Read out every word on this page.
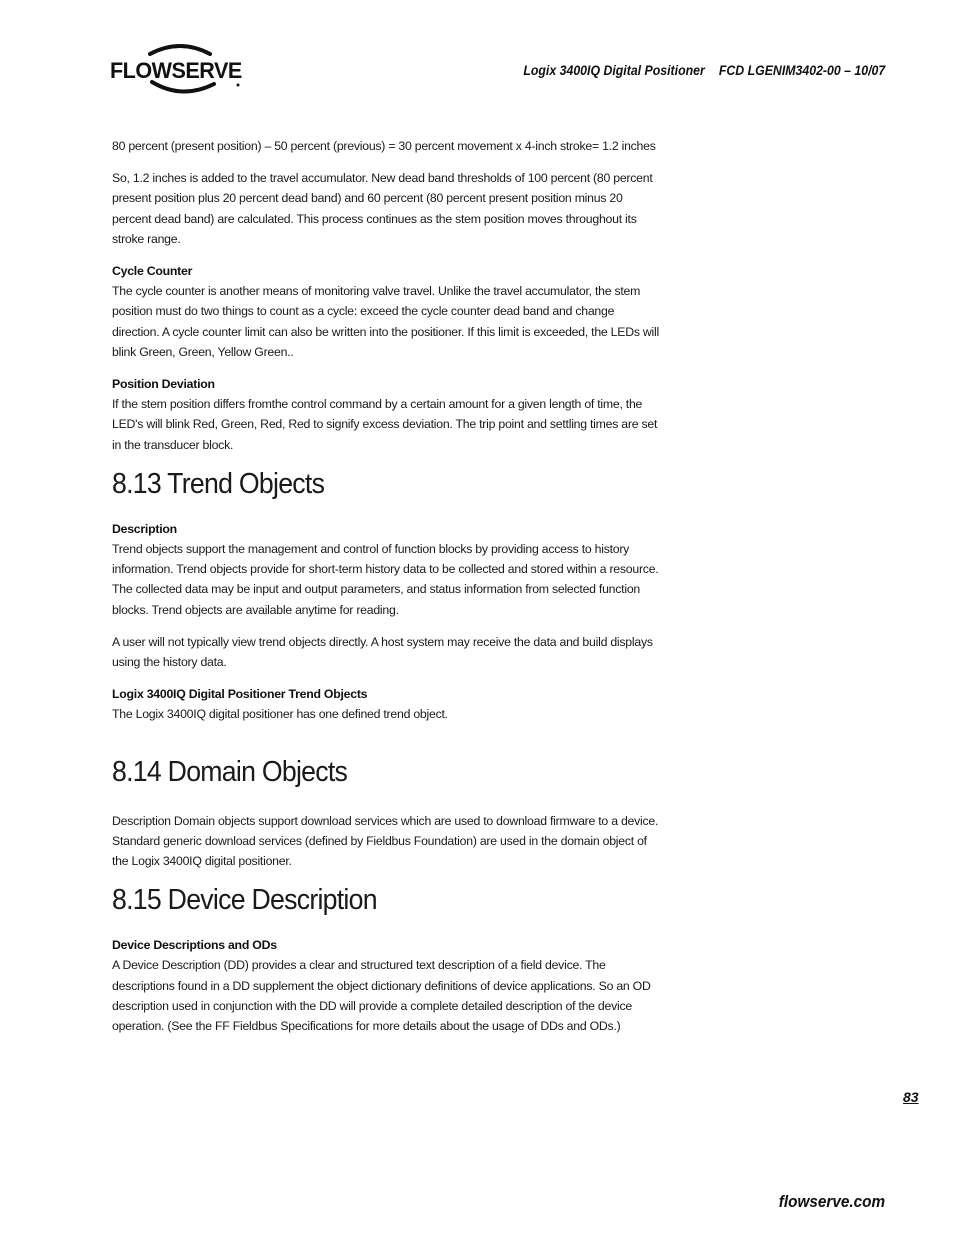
FLOWSERVE	Logix 3400IQ Digital Positioner FCD LGENIM3402-00 – 10/07

80 percent (present position) – 50 percent (previous) = 30 percent movement x 4-inch stroke= 1.2 inches

So, 1.2 inches is added to the travel accumulator. New dead band thresholds of 100 percent (80 percent present position plus 20 percent dead band) and 60 percent (80 percent present position minus 20 percent dead band) are calculated. This process continues as the stem position moves throughout its stroke range.

Cycle Counter

The cycle counter is another means of monitoring valve travel. Unlike the travel accumulator, the stem position must do two things to count as a cycle: exceed the cycle counter dead band and change direction. A cycle counter limit can also be written into the positioner. If this limit is exceeded, the LEDs will blink Green, Green, Yellow Green..

Position Deviation

If the stem position differs fromthe control command by a certain amount for a given length of time, the LED's will blink Red, Green, Red, Red to signify excess deviation. The trip point and settling times are set in the transducer block.

8.13 Trend Objects
Description

Trend objects support the management and control of function blocks by providing access to history information. Trend objects provide for short-term history data to be collected and stored within a resource. The collected data may be input and output parameters, and status information from selected function blocks. Trend objects are available anytime for reading.

A user will not typically view trend objects directly. A host system may receive the data and build displays using the history data.

Logix 3400IQ Digital Positioner Trend Objects

The Logix 3400IQ digital positioner has one defined trend object.

8.14 Domain Objects

Description Domain objects support download services which are used to download firmware to a device. Standard generic download services (defined by Fieldbus Foundation) are used in the domain object of the Logix 3400IQ digital positioner.

8.15 Device Description
Device Descriptions and ODs

A Device Description (DD) provides a clear and structured text description of a field device. The descriptions found in a DD supplement the object dictionary definitions of device applications. So an OD description used in conjunction with the DD will provide a complete detailed description of the device operation. (See the FF Fieldbus Specifications for more details about the usage of DDs and ODs.)

83
flowserve.com
